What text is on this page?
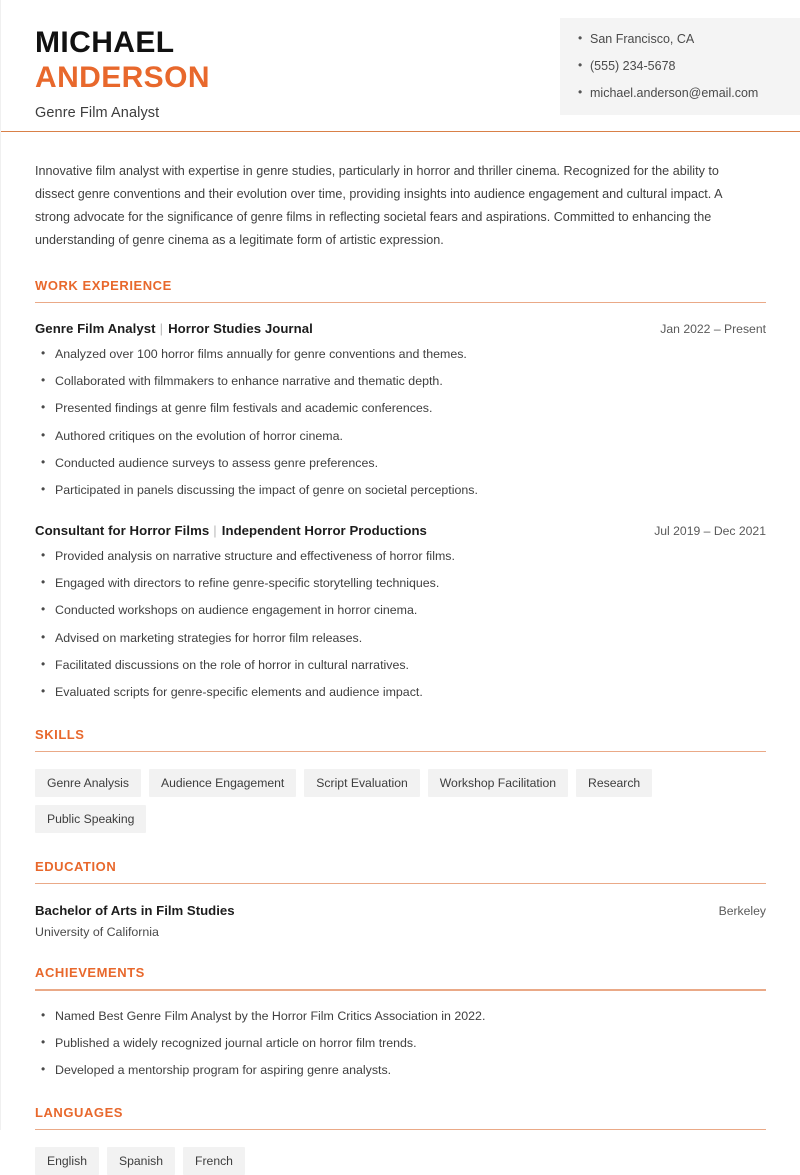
MICHAEL
ANDERSON
Genre Film Analyst
• San Francisco, CA
• (555) 234-5678
• michael.anderson@email.com

Innovative film analyst with expertise in genre studies, particularly in horror and thriller cinema. Recognized for the ability to dissect genre conventions and their evolution over time, providing insights into audience engagement and cultural impact. A strong advocate for the significance of genre films in reflecting societal fears and aspirations. Committed to enhancing the understanding of genre cinema as a legitimate form of artistic expression.

WORK EXPERIENCE
Genre Film Analyst | Horror Studies Journal	Jan 2022 – Present
• Analyzed over 100 horror films annually for genre conventions and themes.
• Collaborated with filmmakers to enhance narrative and thematic depth.
• Presented findings at genre film festivals and academic conferences.
• Authored critiques on the evolution of horror cinema.
• Conducted audience surveys to assess genre preferences.
• Participated in panels discussing the impact of genre on societal perceptions.
Consultant for Horror Films | Independent Horror Productions	Jul 2019 – Dec 2021
• Provided analysis on narrative structure and effectiveness of horror films.
• Engaged with directors to refine genre-specific storytelling techniques.
• Conducted workshops on audience engagement in horror cinema.
• Advised on marketing strategies for horror film releases.
• Facilitated discussions on the role of horror in cultural narratives.
• Evaluated scripts for genre-specific elements and audience impact.
SKILLS
Genre Analysis	Audience Engagement	Script Evaluation	Workshop Facilitation	Research
Public Speaking
EDUCATION
Bachelor of Arts in Film Studies	Berkeley
University of California
ACHIEVEMENTS
• Named Best Genre Film Analyst by the Horror Film Critics Association in 2022.
• Published a widely recognized journal article on horror film trends.
• Developed a mentorship program for aspiring genre analysts.
LANGUAGES
English	Spanish	French
